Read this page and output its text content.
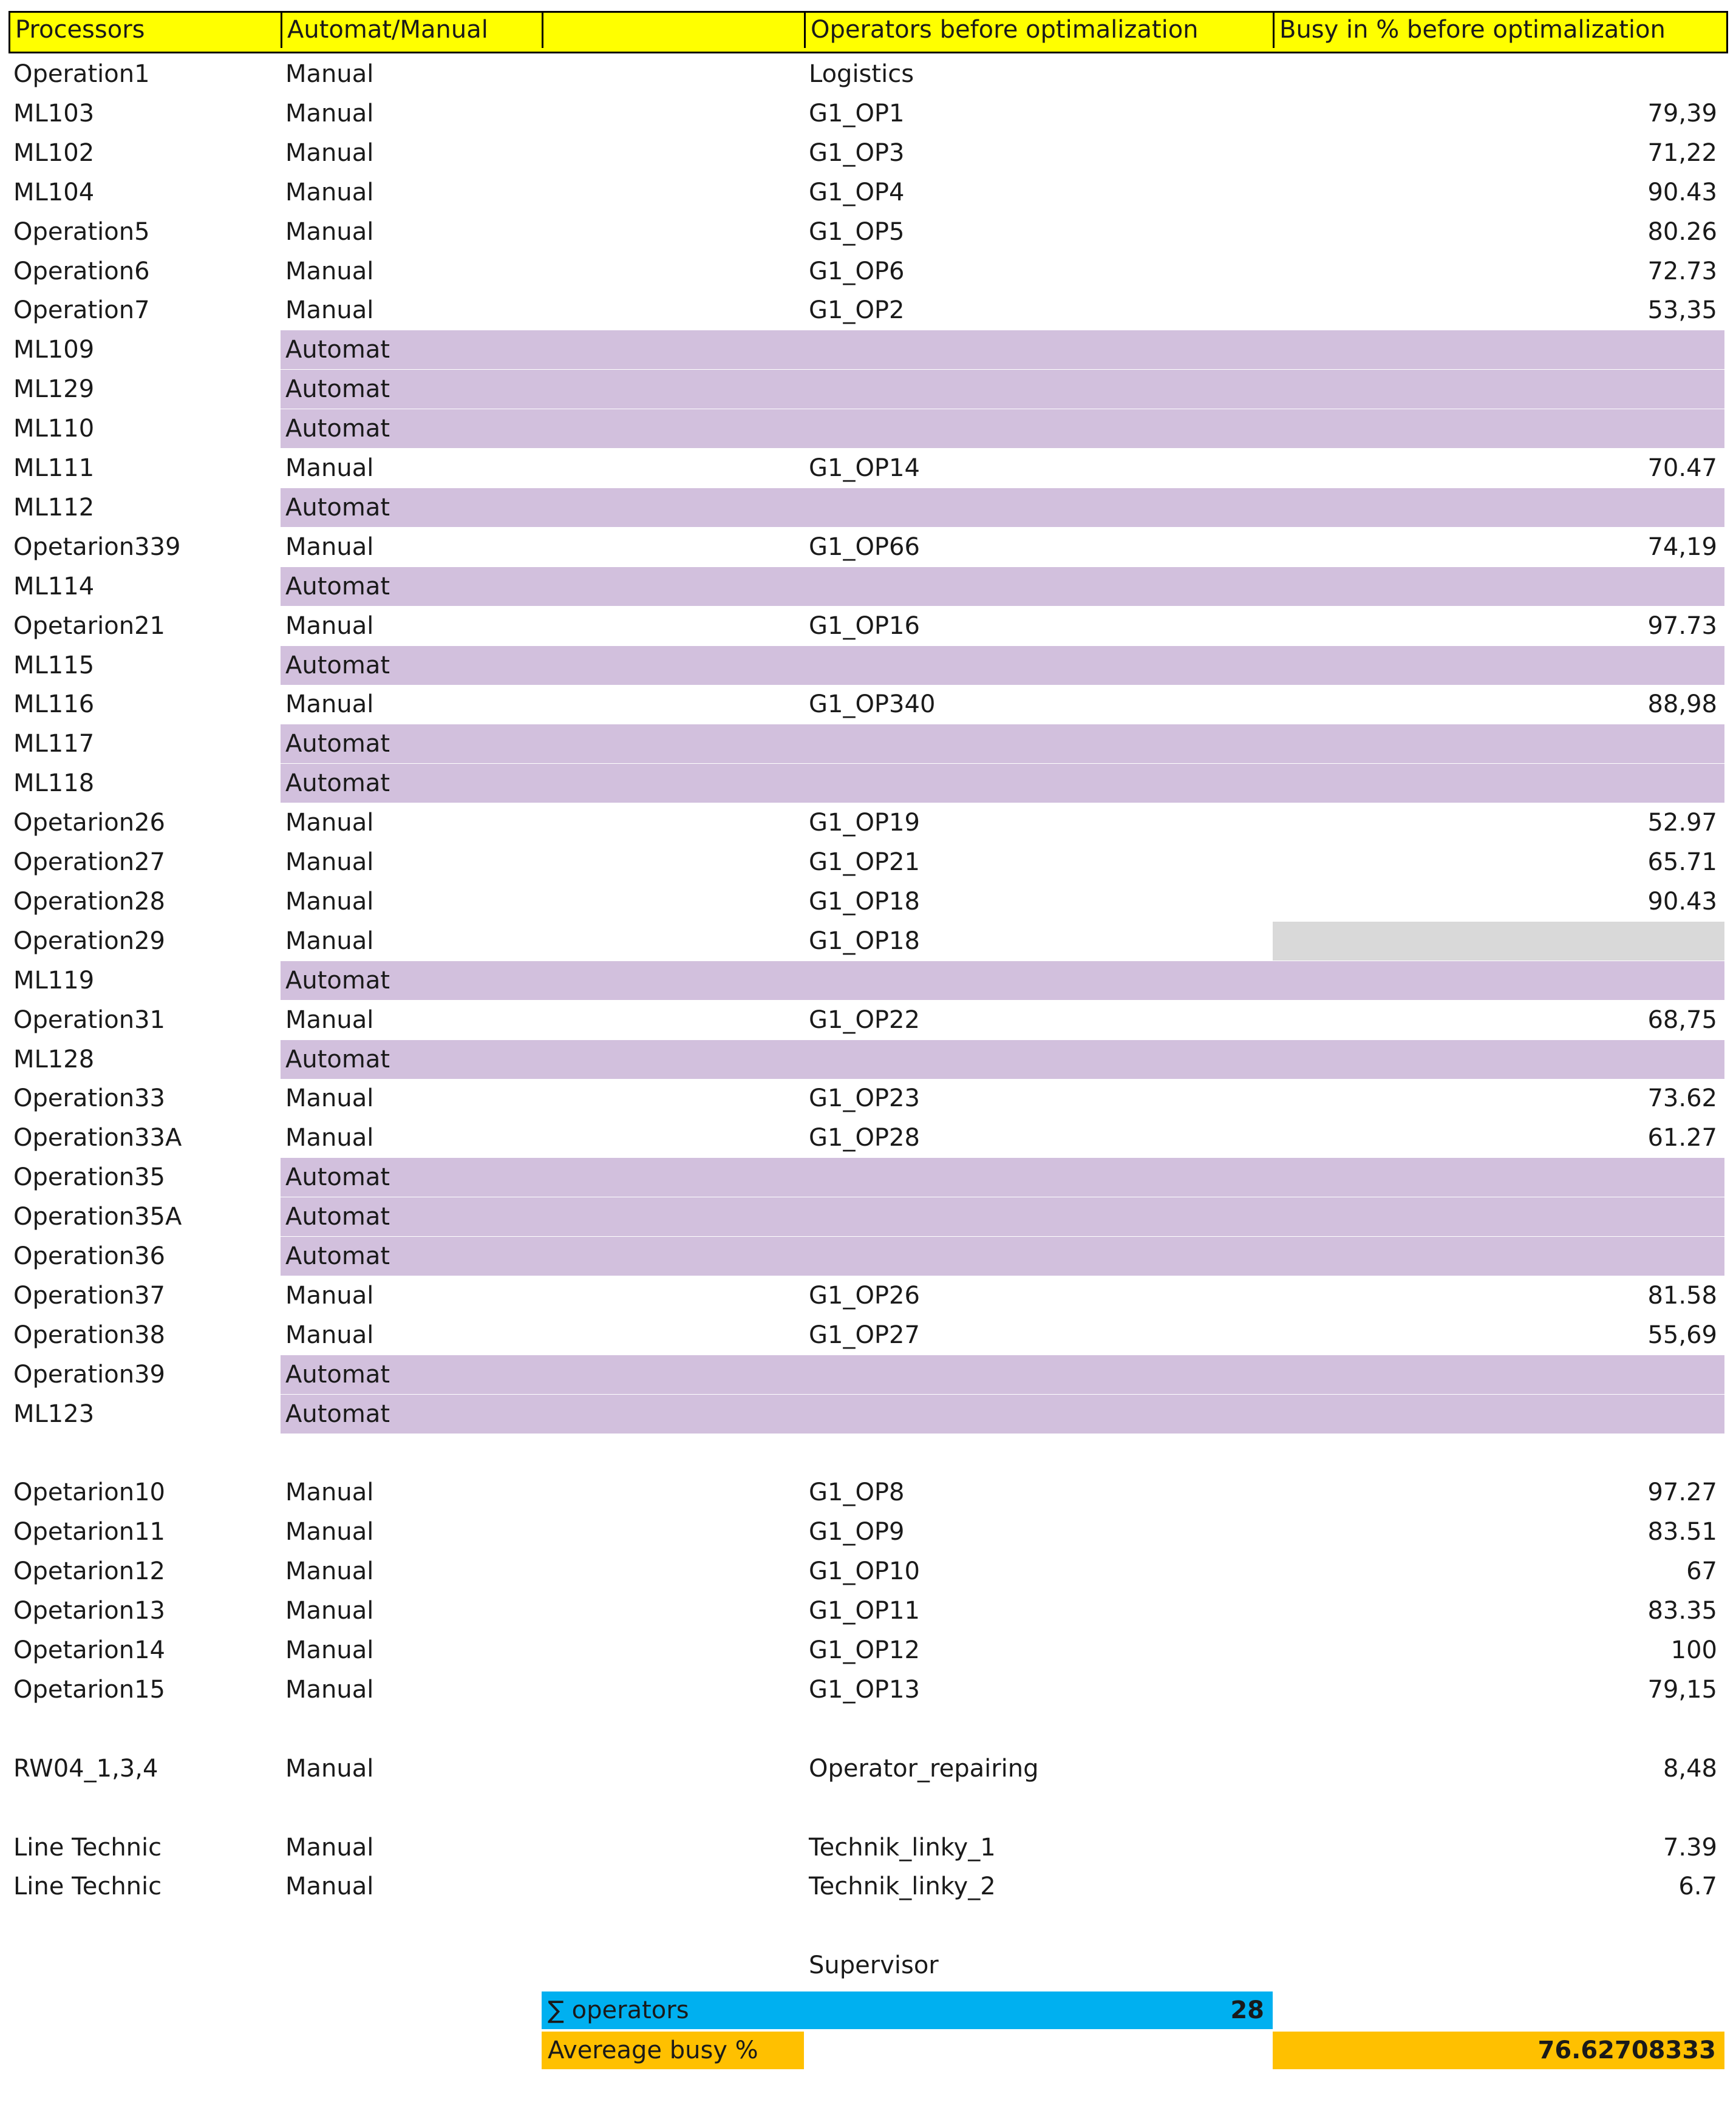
Processors	Automat/Manual	Operators before optimalization	Busy in % before optimalization
Operation1	Manual	Logistics
ML103	Manual	G1_OP1	79,39
ML102	Manual	G1_OP3	71,22
ML104	Manual	G1_OP4	90.43
Operation5	Manual	G1_OP5	80.26
Operation6	Manual	G1_OP6	72.73
Operation7	Manual	G1_OP2	53,35
ML109	Automat
ML129	Automat
ML110	Automat
ML111	Manual	G1_OP14	70.47
ML112	Automat
Opetarion339	Manual	G1_OP66	74,19
ML114	Automat
Opetarion21	Manual	G1_OP16	97.73
ML115	Automat
ML116	Manual	G1_OP340	88,98
ML117	Automat
ML118	Automat
Opetarion26	Manual	G1_OP19	52.97
Operation27	Manual	G1_OP21	65.71
Operation28	Manual	G1_OP18	90.43
Operation29	Manual	G1_OP18
ML119	Automat
Operation31	Manual	G1_OP22	68,75
ML128	Automat
Operation33	Manual	G1_OP23	73.62
Operation33A	Manual	G1_OP28	61.27
Operation35	Automat
Operation35A	Automat
Operation36	Automat
Operation37	Manual	G1_OP26	81.58
Operation38	Manual	G1_OP27	55,69
Operation39	Automat
ML123	Automat
Opetarion10	Manual	G1_OP8	97.27
Opetarion11	Manual	G1_OP9	83.51
Opetarion12	Manual	G1_OP10	67
Opetarion13	Manual	G1_OP11	83.35
Opetarion14	Manual	G1_OP12	100
Opetarion15	Manual	G1_OP13	79,15
RW04_1,3,4	Manual	Operator_repairing	8,48
Line Technic	Manual	Technik_linky_1	7.39
Line Technic	Manual	Technik_linky_2	6.7
Supervisor
∑ operators	28
Avereage busy %	76.62708333
